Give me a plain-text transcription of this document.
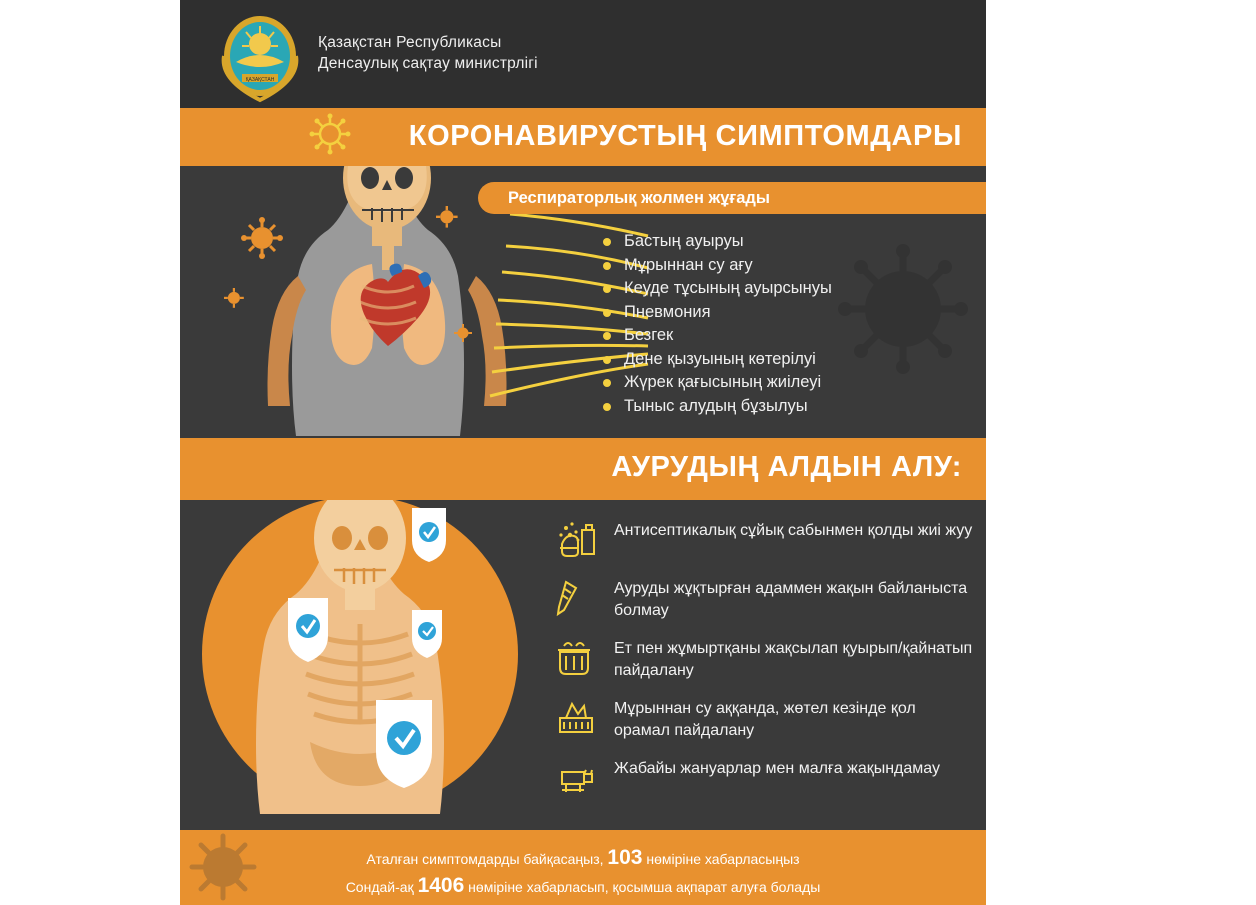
ҚАЗАҚСТАН
Қазақстан Республикасы
Денсаулық сақтау министрлігі
КОРОНАВИРУСТЫҢ СИМПТОМДАРЫ
Респираторлық жолмен жұғады
Бастың ауыруы
Мұрыннан су ағу
Кеуде тұсының ауырсынуы
Пневмония
Безгек
Дене қызуының көтерілуі
Жүрек қағысының жиілеуі
Тыныс алудың бұзылуы
АУРУДЫҢ АЛДЫН АЛУ:
Антисептикалық сұйық сабынмен қолды жиі жуу
Ауруды жұқтырған адаммен жақын байланыста болмау
Ет пен жұмыртқаны жақсылап қуырып/қайнатып пайдалану
Мұрыннан су аққанда, жөтел кезінде қол орамал пайдалану
Жабайы жануарлар мен малға жақындамау
Аталған симптомдарды байқасаңыз, 103 нөміріне хабарласыңыз
Сондай-ақ 1406 нөміріне хабарласып, қосымша ақпарат алуға болады
